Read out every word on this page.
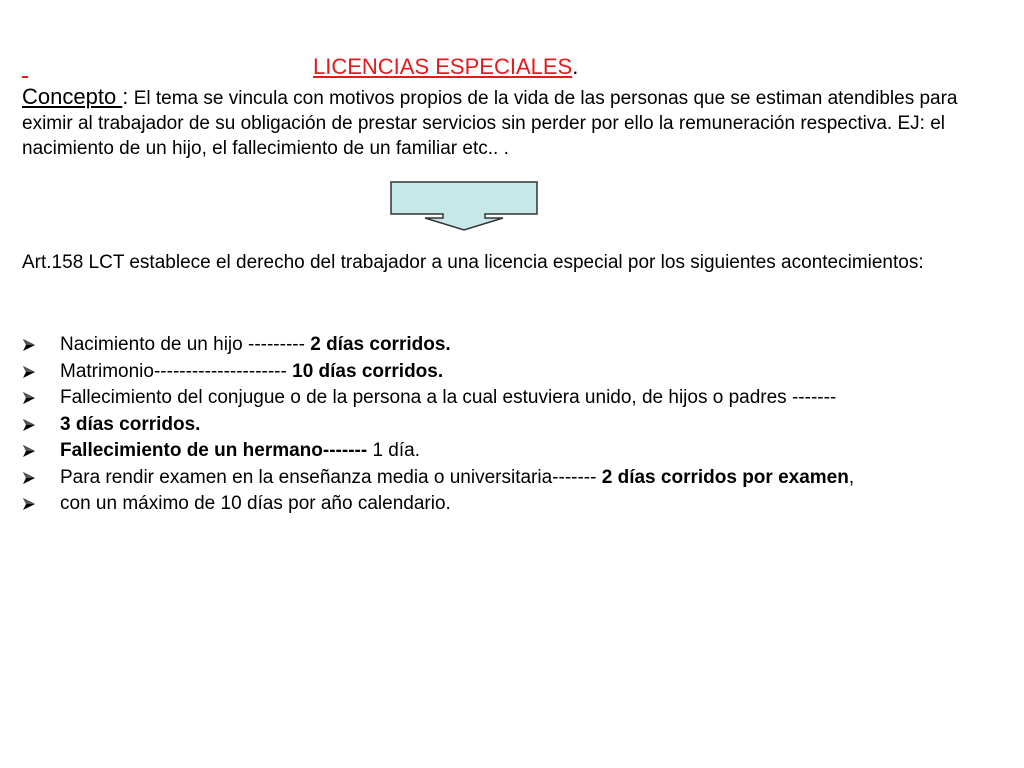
LICENCIAS ESPECIALES.
Concepto : El tema se vincula con motivos propios de la vida de las personas que se estiman atendibles para eximir al trabajador de su obligación de prestar servicios sin perder por ello la remuneración respectiva. EJ: el nacimiento de un hijo, el fallecimiento de un familiar etc.. .
Art.158 LCT establece el derecho del trabajador a una licencia especial por los siguientes acontecimientos:
Nacimiento de un hijo --------- 2 días corridos.
Matrimonio--------------------- 10 días corridos.
Fallecimiento del conjugue o de la persona a la cual estuviera unido, de hijos o padres -------
3 días corridos.
Fallecimiento de un hermano------- 1 día.
Para rendir examen en la enseñanza media o universitaria------- 2 días corridos por examen,
con un máximo de 10 días por año calendario.
